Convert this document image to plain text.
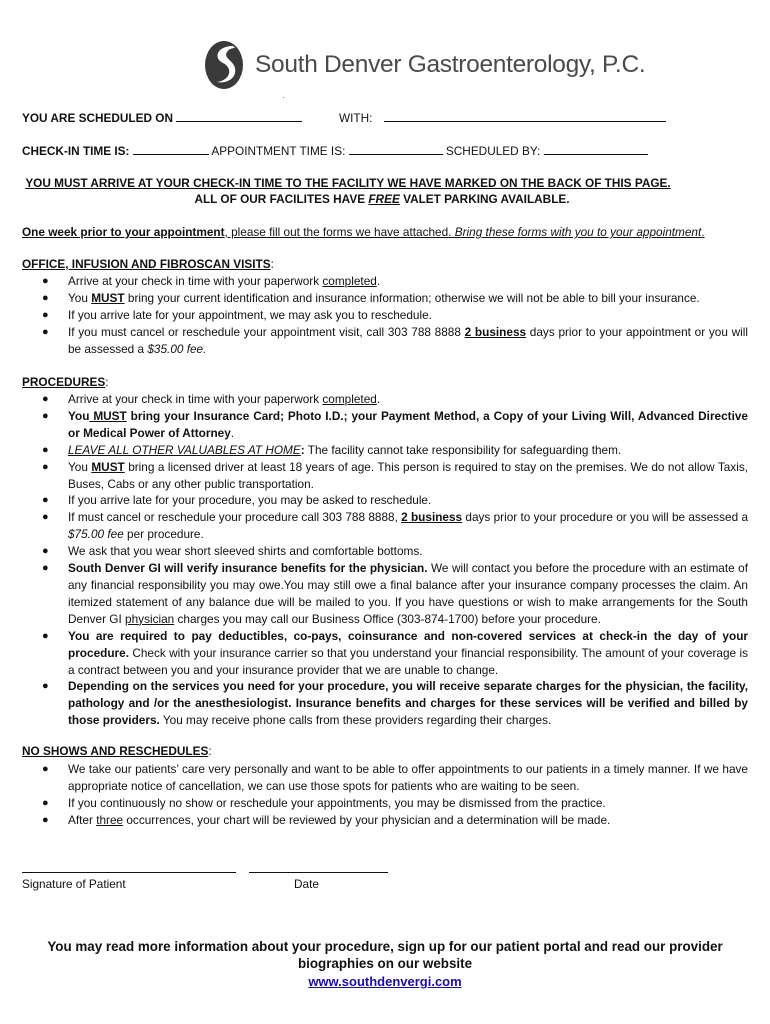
South Denver Gastroenterology, P.C.
.
YOU ARE SCHEDULED ON	WITH:
CHECK-IN TIME IS:	APPOINTMENT TIME IS:	SCHEDULED BY:
YOU MUST ARRIVE AT YOUR CHECK-IN TIME TO THE FACILITY WE HAVE MARKED ON THE BACK OF THIS PAGE.
ALL OF OUR FACILITES HAVE FREE VALET PARKING AVAILABLE.
One week prior to your appointment, please fill out the forms we have attached. Bring these forms with you to your appointment.
OFFICE, INFUSION AND FIBROSCAN VISITS:
● Arrive at your check in time with your paperwork completed.
● You MUST bring your current identification and insurance information; otherwise we will not be able to bill your insurance.
● If you arrive late for your appointment, we may ask you to reschedule.
● If you must cancel or reschedule your appointment visit, call 303 788 8888 2 business days prior to your appointment or you will be assessed a $35.00 fee.
PROCEDURES:
● Arrive at your check in time with your paperwork completed.
● You MUST bring your Insurance Card; Photo I.D.; your Payment Method, a Copy of your Living Will, Advanced Directive or Medical Power of Attorney.
● LEAVE ALL OTHER VALUABLES AT HOME: The facility cannot take responsibility for safeguarding them.
● You MUST bring a licensed driver at least 18 years of age. This person is required to stay on the premises. We do not allow Taxis, Buses, Cabs or any other public transportation.
● If you arrive late for your procedure, you may be asked to reschedule.
● If must cancel or reschedule your procedure call 303 788 8888, 2 business days prior to your procedure or you will be assessed a $75.00 fee per procedure.
● We ask that you wear short sleeved shirts and comfortable bottoms.
● South Denver GI will verify insurance benefits for the physician. We will contact you before the procedure with an estimate of any financial responsibility you may owe.You may still owe a final balance after your insurance company processes the claim. An itemized statement of any balance due will be mailed to you. If you have questions or wish to make arrangements for the South Denver GI physician charges you may call our Business Office (303-874-1700) before your procedure.
● You are required to pay deductibles, co-pays, coinsurance and non-covered services at check-in the day of your procedure. Check with your insurance carrier so that you understand your financial responsibility. The amount of your coverage is a contract between you and your insurance provider that we are unable to change.
● Depending on the services you need for your procedure, you will receive separate charges for the physician, the facility, pathology and /or the anesthesiologist. Insurance benefits and charges for these services will be verified and billed by those providers. You may receive phone calls from these providers regarding their charges.
NO SHOWS AND RESCHEDULES:
● We take our patients’ care very personally and want to be able to offer appointments to our patients in a timely manner. If we have appropriate notice of cancellation, we can use those spots for patients who are waiting to be seen.
● If you continuously no show or reschedule your appointments, you may be dismissed from the practice.
● After three occurrences, your chart will be reviewed by your physician and a determination will be made.
Signature of Patient	Date
You may read more information about your procedure, sign up for our patient portal and read our provider biographies on our website
www.southdenvergi.com
